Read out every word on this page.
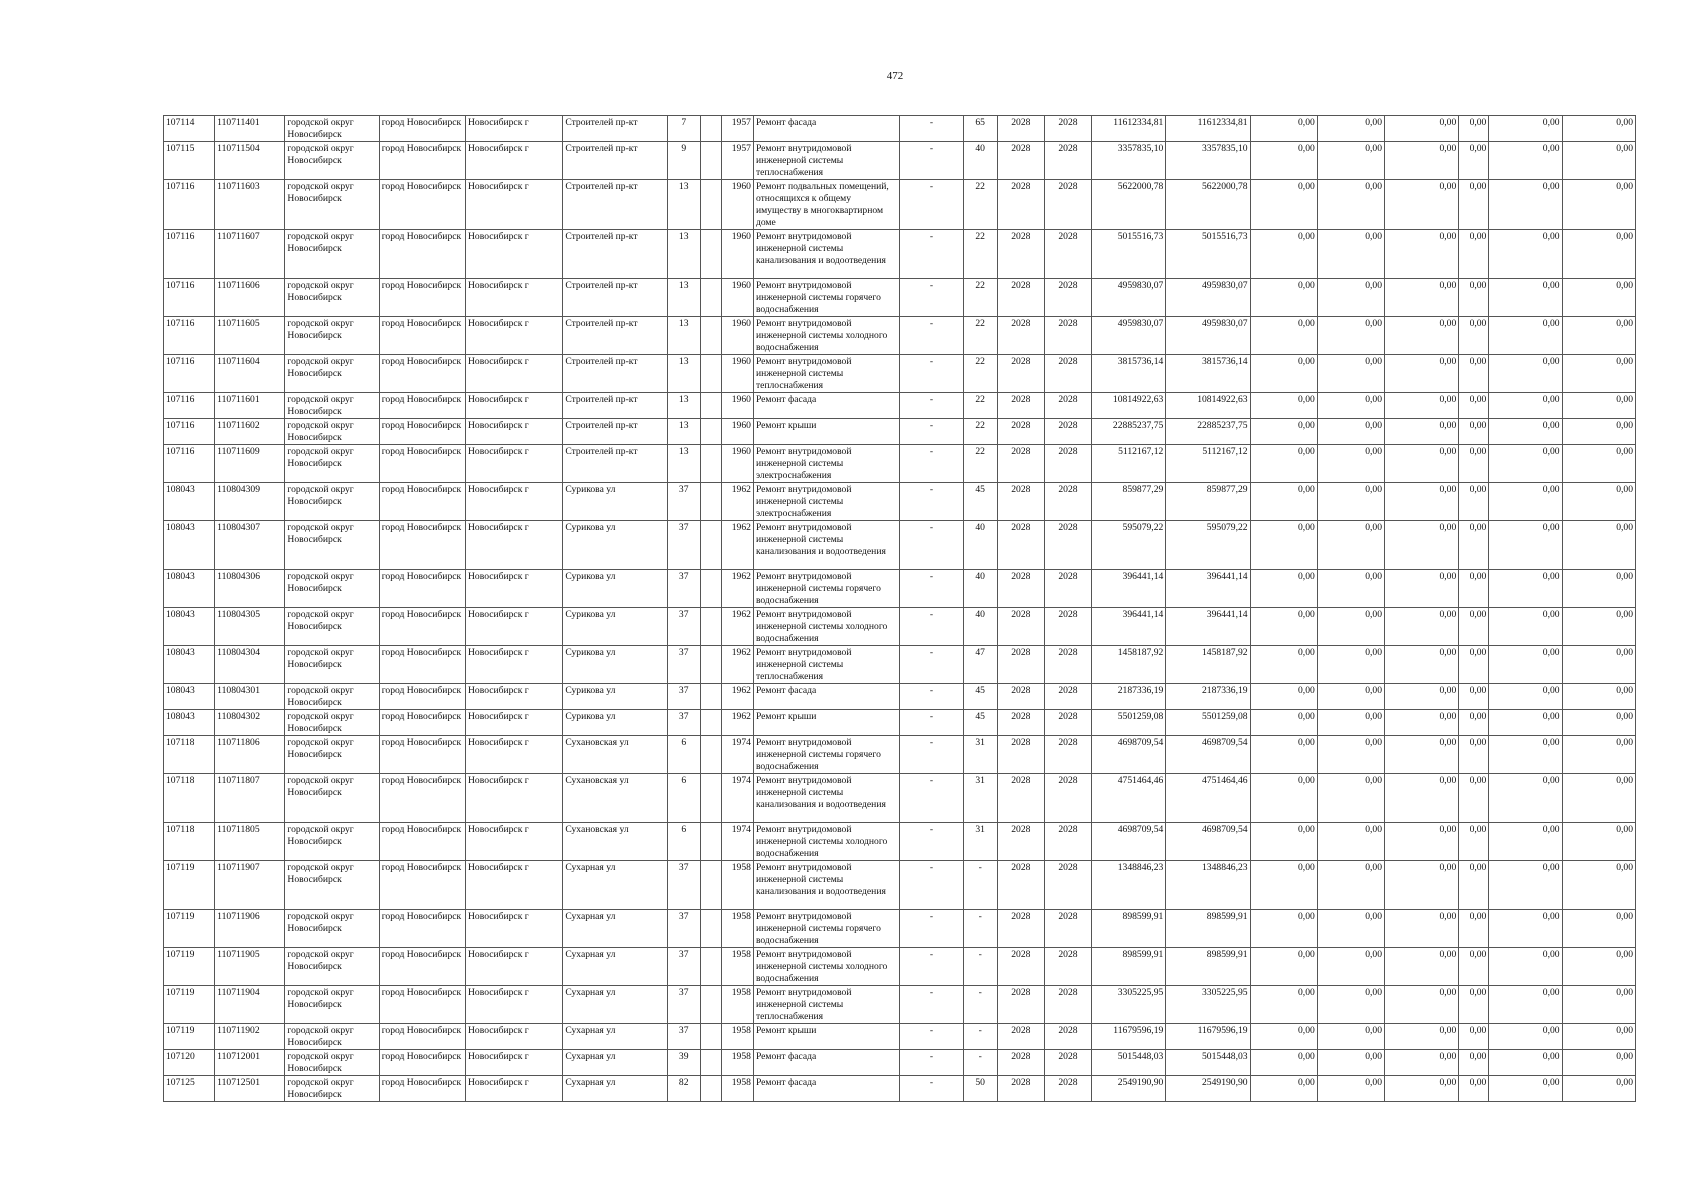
472
107114	110711401	городской округ Новосибирск	город Новосибирск	Новосибирск г	Строителей пр-кт	7		1957	Ремонт фасада	-	65	2028	2028	11612334,81	11612334,81	0,00	0,00	0,00	0,00	0,00	0,00
107115	110711504	городской округ Новосибирск	город Новосибирск	Новосибирск г	Строителей пр-кт	9		1957	Ремонт внутридомовой инженерной системы теплоснабжения	-	40	2028	2028	3357835,10	3357835,10	0,00	0,00	0,00	0,00	0,00	0,00
107116	110711603	городской округ Новосибирск	город Новосибирск	Новосибирск г	Строителей пр-кт	13		1960	Ремонт подвальных помещений, относящихся к общему имуществу в многоквартирном доме	-	22	2028	2028	5622000,78	5622000,78	0,00	0,00	0,00	0,00	0,00	0,00
107116	110711607	городской округ Новосибирск	город Новосибирск	Новосибирск г	Строителей пр-кт	13		1960	Ремонт внутридомовой инженерной системы канализования и водоотведения	-	22	2028	2028	5015516,73	5015516,73	0,00	0,00	0,00	0,00	0,00	0,00
107116	110711606	городской округ Новосибирск	город Новосибирск	Новосибирск г	Строителей пр-кт	13		1960	Ремонт внутридомовой инженерной системы горячего водоснабжения	-	22	2028	2028	4959830,07	4959830,07	0,00	0,00	0,00	0,00	0,00	0,00
107116	110711605	городской округ Новосибирск	город Новосибирск	Новосибирск г	Строителей пр-кт	13		1960	Ремонт внутридомовой инженерной системы холодного водоснабжения	-	22	2028	2028	4959830,07	4959830,07	0,00	0,00	0,00	0,00	0,00	0,00
107116	110711604	городской округ Новосибирск	город Новосибирск	Новосибирск г	Строителей пр-кт	13		1960	Ремонт внутридомовой инженерной системы теплоснабжения	-	22	2028	2028	3815736,14	3815736,14	0,00	0,00	0,00	0,00	0,00	0,00
107116	110711601	городской округ Новосибирск	город Новосибирск	Новосибирск г	Строителей пр-кт	13		1960	Ремонт фасада	-	22	2028	2028	10814922,63	10814922,63	0,00	0,00	0,00	0,00	0,00	0,00
107116	110711602	городской округ Новосибирск	город Новосибирск	Новосибирск г	Строителей пр-кт	13		1960	Ремонт крыши	-	22	2028	2028	22885237,75	22885237,75	0,00	0,00	0,00	0,00	0,00	0,00
107116	110711609	городской округ Новосибирск	город Новосибирск	Новосибирск г	Строителей пр-кт	13		1960	Ремонт внутридомовой инженерной системы электроснабжения	-	22	2028	2028	5112167,12	5112167,12	0,00	0,00	0,00	0,00	0,00	0,00
108043	110804309	городской округ Новосибирск	город Новосибирск	Новосибирск г	Сурикова ул	37		1962	Ремонт внутридомовой инженерной системы электроснабжения	-	45	2028	2028	859877,29	859877,29	0,00	0,00	0,00	0,00	0,00	0,00
108043	110804307	городской округ Новосибирск	город Новосибирск	Новосибирск г	Сурикова ул	37		1962	Ремонт внутридомовой инженерной системы канализования и водоотведения	-	40	2028	2028	595079,22	595079,22	0,00	0,00	0,00	0,00	0,00	0,00
108043	110804306	городской округ Новосибирск	город Новосибирск	Новосибирск г	Сурикова ул	37		1962	Ремонт внутридомовой инженерной системы горячего водоснабжения	-	40	2028	2028	396441,14	396441,14	0,00	0,00	0,00	0,00	0,00	0,00
108043	110804305	городской округ Новосибирск	город Новосибирск	Новосибирск г	Сурикова ул	37		1962	Ремонт внутридомовой инженерной системы холодного водоснабжения	-	40	2028	2028	396441,14	396441,14	0,00	0,00	0,00	0,00	0,00	0,00
108043	110804304	городской округ Новосибирск	город Новосибирск	Новосибирск г	Сурикова ул	37		1962	Ремонт внутридомовой инженерной системы теплоснабжения	-	47	2028	2028	1458187,92	1458187,92	0,00	0,00	0,00	0,00	0,00	0,00
108043	110804301	городской округ Новосибирск	город Новосибирск	Новосибирск г	Сурикова ул	37		1962	Ремонт фасада	-	45	2028	2028	2187336,19	2187336,19	0,00	0,00	0,00	0,00	0,00	0,00
108043	110804302	городской округ Новосибирск	город Новосибирск	Новосибирск г	Сурикова ул	37		1962	Ремонт крыши	-	45	2028	2028	5501259,08	5501259,08	0,00	0,00	0,00	0,00	0,00	0,00
107118	110711806	городской округ Новосибирск	город Новосибирск	Новосибирск г	Сухановская ул	6		1974	Ремонт внутридомовой инженерной системы горячего водоснабжения	-	31	2028	2028	4698709,54	4698709,54	0,00	0,00	0,00	0,00	0,00	0,00
107118	110711807	городской округ Новосибирск	город Новосибирск	Новосибирск г	Сухановская ул	6		1974	Ремонт внутридомовой инженерной системы канализования и водоотведения	-	31	2028	2028	4751464,46	4751464,46	0,00	0,00	0,00	0,00	0,00	0,00
107118	110711805	городской округ Новосибирск	город Новосибирск	Новосибирск г	Сухановская ул	6		1974	Ремонт внутридомовой инженерной системы холодного водоснабжения	-	31	2028	2028	4698709,54	4698709,54	0,00	0,00	0,00	0,00	0,00	0,00
107119	110711907	городской округ Новосибирск	город Новосибирск	Новосибирск г	Сухарная ул	37		1958	Ремонт внутридомовой инженерной системы канализования и водоотведения	-	-	2028	2028	1348846,23	1348846,23	0,00	0,00	0,00	0,00	0,00	0,00
107119	110711906	городской округ Новосибирск	город Новосибирск	Новосибирск г	Сухарная ул	37		1958	Ремонт внутридомовой инженерной системы горячего водоснабжения	-	-	2028	2028	898599,91	898599,91	0,00	0,00	0,00	0,00	0,00	0,00
107119	110711905	городской округ Новосибирск	город Новосибирск	Новосибирск г	Сухарная ул	37		1958	Ремонт внутридомовой инженерной системы холодного водоснабжения	-	-	2028	2028	898599,91	898599,91	0,00	0,00	0,00	0,00	0,00	0,00
107119	110711904	городской округ Новосибирск	город Новосибирск	Новосибирск г	Сухарная ул	37		1958	Ремонт внутридомовой инженерной системы теплоснабжения	-	-	2028	2028	3305225,95	3305225,95	0,00	0,00	0,00	0,00	0,00	0,00
107119	110711902	городской округ Новосибирск	город Новосибирск	Новосибирск г	Сухарная ул	37		1958	Ремонт крыши	-	-	2028	2028	11679596,19	11679596,19	0,00	0,00	0,00	0,00	0,00	0,00
107120	110712001	городской округ Новосибирск	город Новосибирск	Новосибирск г	Сухарная ул	39		1958	Ремонт фасада	-	-	2028	2028	5015448,03	5015448,03	0,00	0,00	0,00	0,00	0,00	0,00
107125	110712501	городской округ Новосибирск	город Новосибирск	Новосибирск г	Сухарная ул	82		1958	Ремонт фасада	-	50	2028	2028	2549190,90	2549190,90	0,00	0,00	0,00	0,00	0,00	0,00
